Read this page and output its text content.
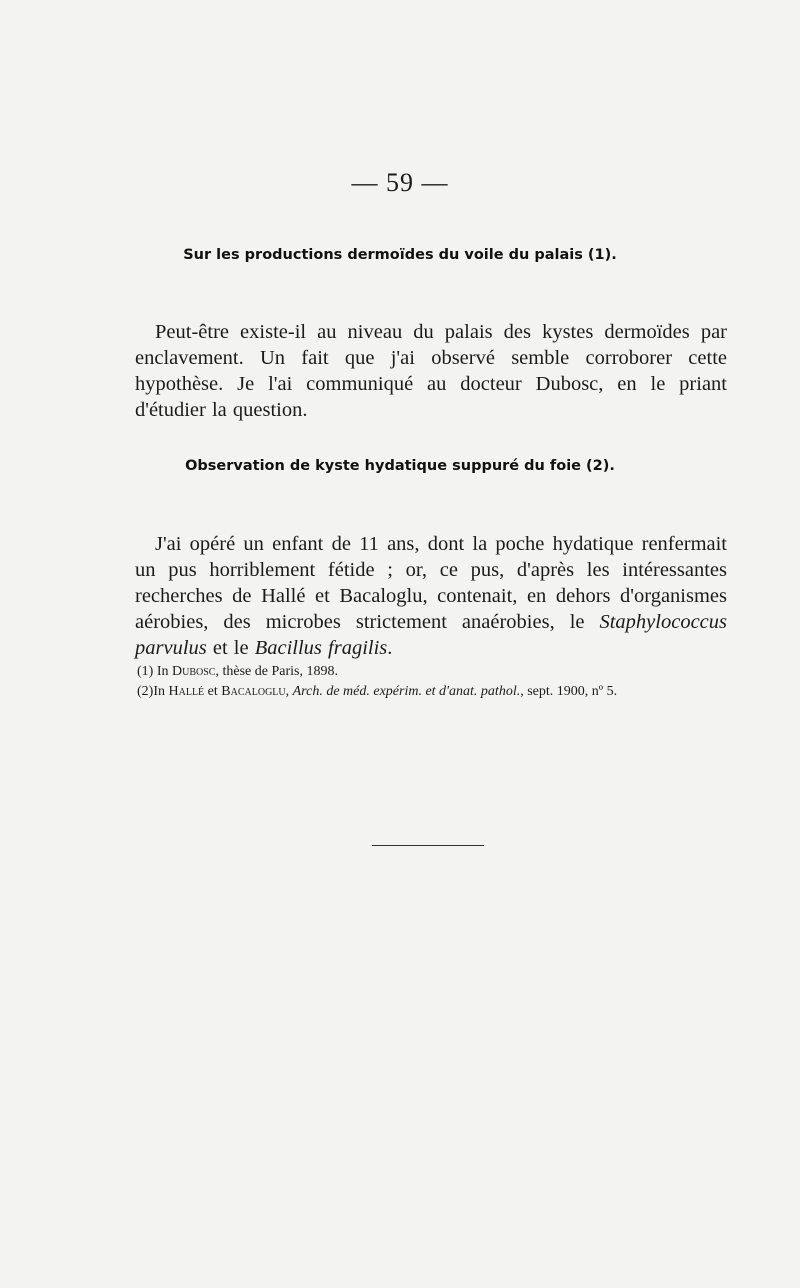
— 59 —
Sur les productions dermoïdes du voile du palais (1).

Peut-être existe-il au niveau du palais des kystes dermoïdes par enclavement. Un fait que j'ai observé semble corroborer cette hypothèse. Je l'ai communiqué au docteur Dubosc, en le priant d'étudier la question.

Observation de kyste hydatique suppuré du foie (2).

J'ai opéré un enfant de 11 ans, dont la poche hydatique renfermait un pus horriblement fétide ; or, ce pus, d'après les intéressantes recherches de Hallé et Bacaloglu, contenait, en dehors d'organismes aérobies, des microbes strictement anaérobies, le Staphylococcus parvulus et le Bacillus fragilis.

(1) In Dubosc, thèse de Paris, 1898.
(2)In Hallé et Bacaloglu, Arch. de méd. expérim. et d'anat. pathol., sept. 1900, nº 5.
